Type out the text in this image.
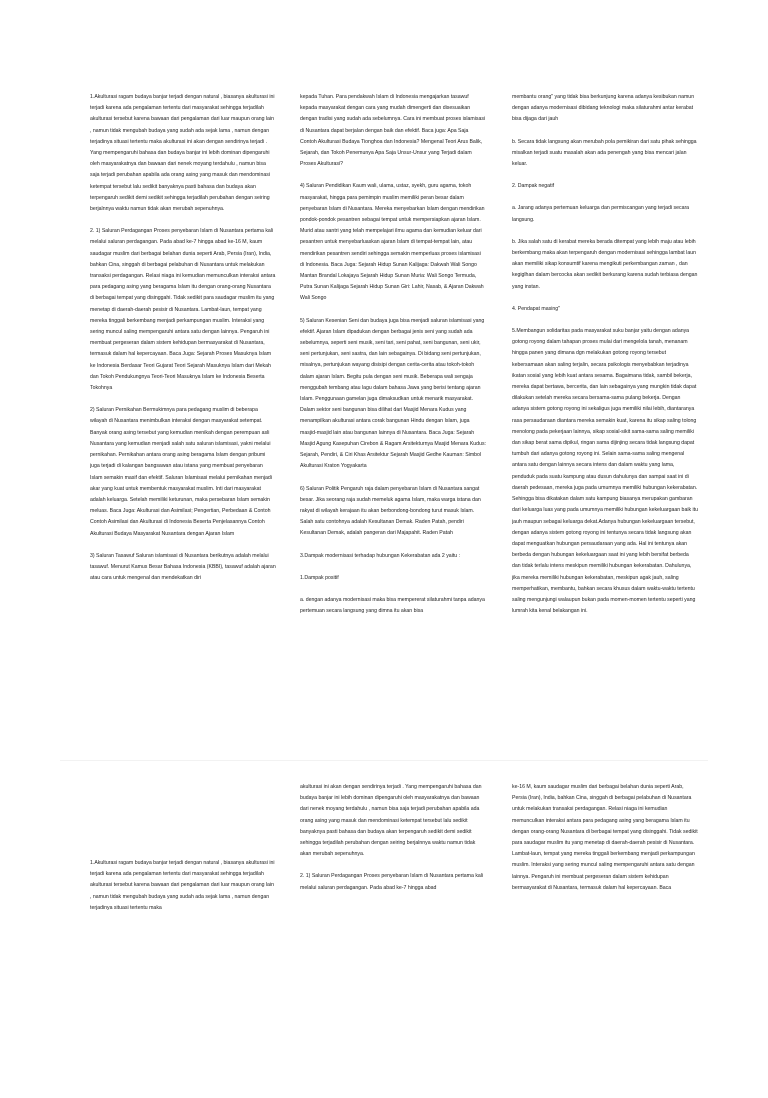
1.Akulturasi ragam budaya banjar terjadi dengan natural , biasanya akulturasi ini terjadi karena ada pengalaman tertentu dari masyarakat sehingga terjadilah akulturasi tersebut karena bawaan dari pengalaman dari luar maupun orang lain , namun tidak mengubah budaya yang sudah ada sejak lama , namun dengan terjadinya situasi tertentu maka akulturasi ini akan dengan sendirinya terjadi . Yang mempengaruhi bahasa dan budaya banjar ini lebih dominan dipengaruhi oleh masyarakatnya dan bawaan dari nenek moyang terdahulu , namun bisa saja terjadi perubahan apabila ada orang asing yang masuk dan mendominasi ketempat tersebut lalu sedikit banyaknya pasti bahasa dan budaya akan terpengaruh sedikit demi sedikit sehingga terjadilah perubahan dengan seiring berjalnnya waktu namun tidak akan merubah sepenuhnya.

2. 1) Saluran Perdagangan Proses penyebaran Islam di Nusantara pertama kali melalui saluran perdagangan. Pada abad ke-7 hingga abad ke-16 M, kaum saudagar muslim dari berbagai belahan dunia seperti Arab, Persia (Iran), India, bahkan Cina, singgah di berbagai pelabuhan di Nusantara untuk melakukan transaksi perdagangan. Relasi niaga ini kemudian memunculkan interaksi antara para pedagang asing yang beragama Islam itu dengan orang-orang Nusantara di berbagai tempat yang disinggahi. Tidak sedikit para saudagar muslim itu yang menetap di daerah-daerah pesisir di Nusantara. Lambat-laun, tempat yang mereka tinggali berkembang menjadi perkampungan muslim. Interaksi yang sering muncul saling mempengaruhi antara satu dengan lainnya. Pengaruh ini membuat pergeseran dalam sistem kehidupan bermasyarakat di Nusantara, termasuk dalam hal kepercayaan. Baca Juga: Sejarah Proses Masuknya Islam ke Indonesia Berdasar Teori Gujarat Teori Sejarah Masuknya Islam dari Mekah dan Tokoh Pendukungnya Teori-Teori Masuknya Islam ke Indonesia Beserta Tokohnya

2) Saluran Pernikahan Bermukimnya para pedagang muslim di beberapa wilayah di Nusantara menimbulkan interaksi dengan masyarakat setempat. Banyak orang asing tersebut yang kemudian menikah dengan perempuan asli Nusantara yang kemudian menjadi salah satu saluran islamisasi, yakni melalui pernikahan. Pernikahan antara orang asing beragama Islam dengan pribumi juga terjadi di kalangan bangsawan atau istana yang membuat penyebaran Islam semakin masif dan efektif. Saluran Islamisasi melalui pernikahan menjadi akar yang kuat untuk membentuk masyarakat muslim. Inti dari masyarakat adalah keluarga. Setelah memiliki keturunan, maka persebaran Islam semakin meluas. Baca Juga: Akulturasi dan Asimilasi; Pengertian, Perbedaan & Contoh Contoh Asimilasi dan Akulturasi di Indonesia Beserta Penjelasannya Contoh Akulturasi Budaya Masyarakat Nusantara dengan Ajaran Islam

3) Saluran Tasawuf Saluran islamisasi di Nusantara berikutnya adalah melalui tasawuf. Menurut Kamus Besar Bahasa Indonesia (KBBI), tasawuf adalah ajaran atau cara untuk mengenal dan mendekatkan diri

kepada Tuhan. Para pendakwah Islam di Indonesia mengajarkan tasawuf kepada masyarakat dengan cara yang mudah dimengerti dan disesuaikan dengan tradisi yang sudah ada sebelumnya. Cara ini membuat proses islamisasi di Nusantara dapat berjalan dengan baik dan efektif. Baca juga: Apa Saja Contoh Akulturasi Budaya Tionghoa dan Indonesia? Mengenal Teori Arus Balik, Sejarah, dan Tokoh Penemunya Apa Saja Unsur-Unsur yang Terjadi dalam Proses Akulturasi?

4) Saluran Pendidikan Kaum wali, ulama, ustaz, syekh, guru agama, tokoh masyarakat, hingga para pemimpin muslim memiliki peran besar dalam penyebaran Islam di Nusantara. Mereka menyebarkan Islam dengan mendirikan pondok-pondok pesantren sebagai tempat untuk mempersiapkan ajaran Islam. Murid atau santri yang telah mempelajari ilmu agama dan kemudian keluar dari pesantren untuk menyebarluaskan ajaran Islam di tempat-tempat lain, atau mendirikan pesantren sendiri sehingga semakin memperluas proses islamisasi di Indonesia. Baca Juga: Sejarah Hidup Sunan Kalijaga: Dakwah Wali Songo Mantan Brandal Lokajaya Sejarah Hidup Sunan Muria: Wali Songo Termuda, Putra Sunan Kalijaga Sejarah Hidup Sunan Giri: Lahir, Nasab, & Ajaran Dakwah Wali Songo

5) Saluran Kesenian Seni dan budaya juga bisa menjadi saluran islamisasi yang efektif. Ajaran Islam dipadukan dengan berbagai jenis seni yang sudah ada sebelumnya, seperti seni musik, seni tari, seni pahat, seni bangunan, seni ukir, seni pertunjukan, seni sastra, dan lain sebagainya. Di bidang seni pertunjukan, misalnya, pertunjukan wayang disisipi dengan cerita-cerita atau tokoh-tokoh dalam ajaran Islam. Begitu pula dengan seni musik. Beberapa wali sengaja menggubah tembang atau lagu dalam bahasa Jawa yang berisi tentang ajaran Islam. Penggunaan gamelan juga dimaksudkan untuk menarik masyarakat. Dalam sektor seni bangunan bisa dilihat dari Masjid Menara Kudus yang menampilkan akulturasi antara corak bangunan Hindu dengan Islam, juga masjid-masjid lain atau bangunan lainnya di Nusantara. Baca Juga: Sejarah Masjid Agung Kasepuhan Cirebon & Ragam Arsitekturnya Masjid Menara Kudus: Sejarah, Pendiri, & Ciri Khas Arsitektur Sejarah Masjid Gedhe Kauman: Simbol Akulturasi Kraton Yogyakarta

6) Saluran Politik Pengaruh raja dalam penyebaran Islam di Nusantara sangat besar. Jika seorang raja sudah memeluk agama Islam, maka warga istana dan rakyat di wilayah kerajaan itu akan berbondong-bondong turut masuk Islam. Salah satu contohnya adalah Kesultanan Demak. Raden Patah, pendiri Kesultanan Demak, adalah pangeran dari Majapahit. Raden Patah

3.Dampak modernisasi terhadap hubungan Kekerabatan ada 2 yaitu :

1.Dampak positif

a. dengan adanya modernisasi maka bisa mempererat silaturahmi tanpa adanya pertemuan secara langsung yang dimna itu akan bisa

membantu orang" yang tidak bisa berkunjung karena adanya kesibukan namun dengan adanya modernisasi dibidang teknologi maka silaturahmi antar kerabat bisa dijaga dari jauh

b. Secara tidak langsung akan merubah pola pemikiran dari satu pihak sehingga misalkan terjadi suatu masalah akan ada penengah yang bisa mencari jalan keluar.

2. Dampak negatif

a. Jarang adanya pertemuan keluarga dan permiscangan yang terjadi secara langsung.

b. Jika salah satu di kerabat mereka berada ditempat yang lebih maju atau lebih berkembang maka akan terpengaruh dengan modernisasi sehingga lambat laun akan memiliki sikap konsumtif karena mengikuti perkembangan zaman , dan kegiglhan dalam bercocka akan sedikit berkurang karena sudah terbiasa dengan yang instan.

4. Pendapat masing"

5.Membangun solidaritas pada masyarakat suku banjar yaitu dengan adanya gotong royong dalam tahapan proses mulai dari mengelola tanah, menanam hingga panen yang dimana dgn melakukan gotong royong tersebut kebersamaan akan saling terjalin, secara psikologis menyebabkan terjadinya ikatan sosial yang lebih kuat antara sesama. Bagaimana tidak, sambil bekerja, mereka dapat bertawa, bercerita, dan lain sebagainya yang mungkin tidak dapat dilakukan setelah mereka secara bersama-sama pulang bekerja. Dengan adanya sistem gotong royong ini sekaligus juga memiliki nilai lebih, diantaranya rasa persaudaraan diantara mereka semakin kuat, karena itu sikap saling tolong menolong pada pekerjaan lainnya, sikap sosial-sikit sama-sama saling memiliki dan sikap berat sama dipikul, ringan sama dijinjing secara tidak langsung dapat tumbuh dari adanya gotong royong ini. Selain sama-sama saling mengenal antara satu dengan lainnya secara intens dan dalam waktu yang lama, penduduk pada suatu kampung atau dusun dahulunya dan sampai saat ini di daerah pedesaan, mereka juga pada umumnya memiliki hubungan kekerabatan. Sehingga bisa dikatakan dalam satu kampung biasanya merupakan gambaran dari keluarga luas yang pada umumnya memiliki hubungan kekeluargaan baik itu jauh maupun sebagai keluarga dekat.Adanya hubungan kekeluargaan tersebut, dengan adanya sistem gotong royong ini tentunya secara tidak langsung akan dapat menguatkan hubungan persaudaraan yang ada. Hal ini tentunya akan berbeda dengan hubungan kekeluargaan saat ini yang lebih bersifat berbeda dan tidak terlalu intens meskipun memiliki hubungan kekerabatan. Dahulunya, jika mereka memiliki hubungan kekerabatan, meskipun agak jauh, saling memperhatikan, membantu, bahkan secara khusus dalam waktu-waktu tertentu saling mengunjungi walaupun bukan pada momen-momen tertentu seperti yang lumrah kita kenal belakangan ini.

1.Akulturasi ragam budaya banjar terjadi dengan natural , biasanya akulturasi ini terjadi karena ada pengalaman tertentu dari masyarakat sehingga terjadilah akulturasi tersebut karena bawaan dari pengalaman dari luar maupun orang lain , namun tidak mengubah budaya yang sudah ada sejak lama , namun dengan terjadinya situasi tertentu maka

akulturasi ini akan dengan sendirinya terjadi . Yang mempengaruhi bahasa dan budaya banjar ini lebih dominan dipengaruhi oleh masyarakatnya dan bawaan dari nenek moyang terdahulu , namun bisa saja terjadi perubahan apabila ada orang asing yang masuk dan mendominasi ketempat tersebut lalu sedikit banyaknya pasti bahasa dan budaya akan terpengaruh sedikit demi sedikit sehingga terjadilah perubahan dengan seiring berjalnnya waktu namun tidak akan merubah sepenuhnya.

2. 1) Saluran Perdagangan Proses penyebaran Islam di Nusantara pertama kali melalui saluran perdagangan. Pada abad ke-7 hingga abad

ke-16 M, kaum saudagar muslim dari berbagai belahan dunia seperti Arab, Persia (Iran), India, bahkan Cina, singgah di berbagai pelabuhan di Nusantara untuk melakukan transaksi perdagangan. Relasi niaga ini kemudian memunculkan interaksi antara para pedagang asing yang beragama Islam itu dengan orang-orang Nusantara di berbagai tempat yang disinggahi. Tidak sedikit para saudagar muslim itu yang menetap di daerah-daerah pesisir di Nusantara. Lambat-laun, tempat yang mereka tinggali berkembang menjadi perkampungan muslim. Interaksi yang sering muncul saling mempengaruhi antara satu dengan lainnya. Pengaruh ini membuat pergeseran dalam sistem kehidupan bermasyarakat di Nusantara, termasuk dalam hal kepercayaan. Baca
